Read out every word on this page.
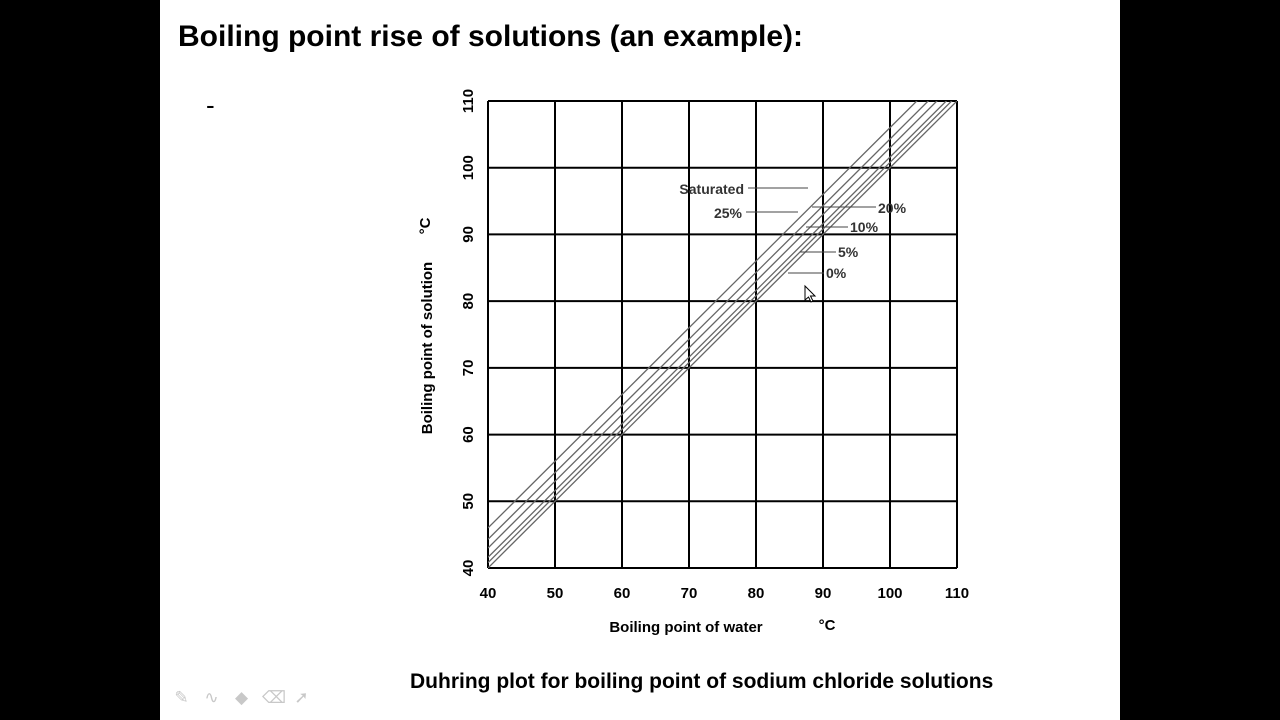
Boiling point rise of solutions (an example):
-
Duhring plot for boiling point of sodium chloride solutions
✎ ∿ ◆ ⌫ ➚
40	50	60	70	80	90	100	110
40
50
60
70
80
90
100
110
Boiling point of water	°C
Boiling point of solution
°C
Saturated
25%	20%
10%
5%
0%
